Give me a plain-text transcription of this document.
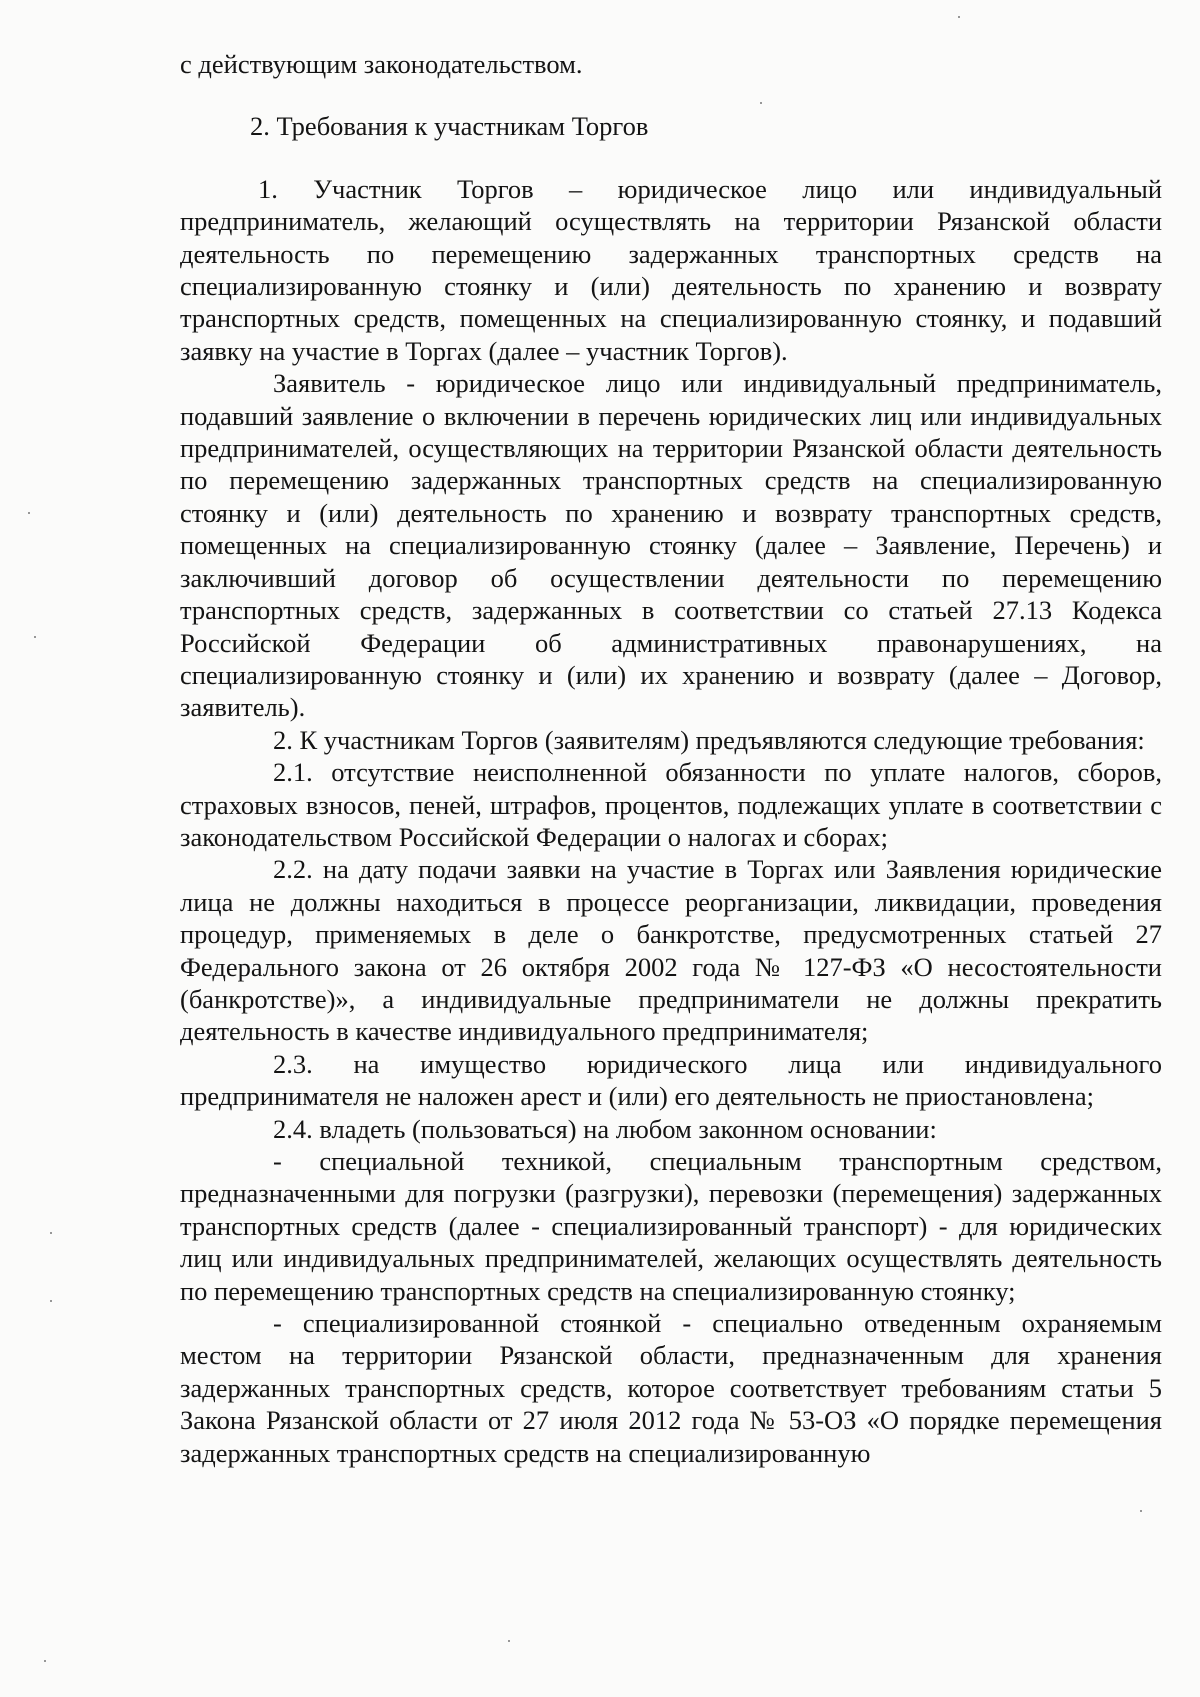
с действующим законодательством.

2. Требования к участникам Торгов

1. Участник Торгов – юридическое лицо или индивидуальный предприниматель, желающий осуществлять на территории Рязанской области деятельность по перемещению задержанных транспортных средств на специализированную стоянку и (или) деятельность по хранению и возврату транспортных средств, помещенных на специализированную стоянку, и подавший заявку на участие в Торгах (далее – участник Торгов).

Заявитель - юридическое лицо или индивидуальный предприниматель, подавший заявление о включении в перечень юридических лиц или индивидуальных предпринимателей, осуществляющих на территории Рязанской области деятельность по перемещению задержанных транспортных средств на специализированную стоянку и (или) деятельность по хранению и возврату транспортных средств, помещенных на специализированную стоянку (далее – Заявление, Перечень) и заключивший договор об осуществлении деятельности по перемещению транспортных средств, задержанных в соответствии со статьей 27.13 Кодекса Российской Федерации об административных правонарушениях, на специализированную стоянку и (или) их хранению и возврату (далее – Договор, заявитель).

2. К участникам Торгов (заявителям) предъявляются следующие требования:

2.1. отсутствие неисполненной обязанности по уплате налогов, сборов, страховых взносов, пеней, штрафов, процентов, подлежащих уплате в соответствии с законодательством Российской Федерации о налогах и сборах;

2.2. на дату подачи заявки на участие в Торгах или Заявления юридические лица не должны находиться в процессе реорганизации, ликвидации, проведения процедур, применяемых в деле о банкротстве, предусмотренных статьей 27 Федерального закона от 26 октября 2002 года № 127-ФЗ «О несостоятельности (банкротстве)», а индивидуальные предприниматели не должны прекратить деятельность в качестве индивидуального предпринимателя;

2.3. на имущество юридического лица или индивидуального предпринимателя не наложен арест и (или) его деятельность не приостановлена;

2.4. владеть (пользоваться) на любом законном основании:

- специальной техникой, специальным транспортным средством, предназначенными для погрузки (разгрузки), перевозки (перемещения) задержанных транспортных средств (далее - специализированный транспорт) - для юридических лиц или индивидуальных предпринимателей, желающих осуществлять деятельность по перемещению транспортных средств на специализированную стоянку;

- специализированной стоянкой - специально отведенным охраняемым местом на территории Рязанской области, предназначенным для хранения задержанных транспортных средств, которое соответствует требованиям статьи 5 Закона Рязанской области от 27 июля 2012 года № 53-ОЗ «О порядке перемещения задержанных транспортных средств на специализированную
